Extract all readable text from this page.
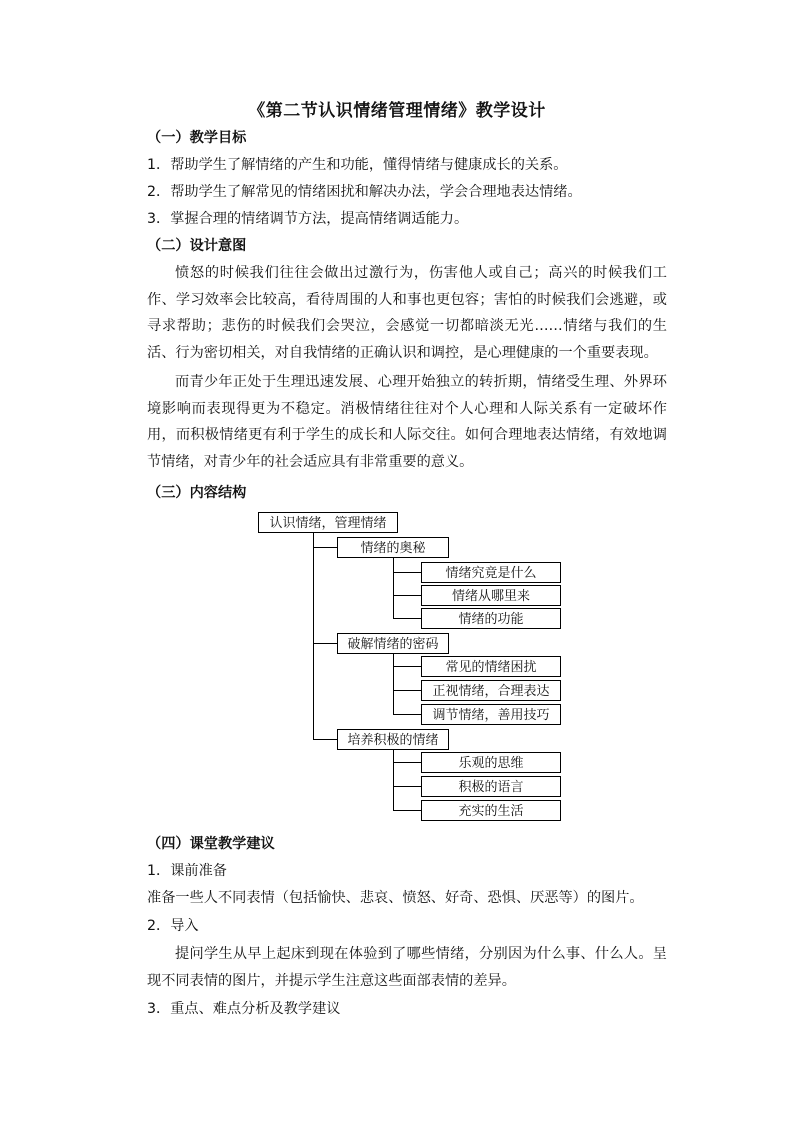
《第二节认识情绪管理情绪》教学设计
（一）教学目标
1．帮助学生了解情绪的产生和功能，懂得情绪与健康成长的关系。
2．帮助学生了解常见的情绪困扰和解决办法，学会合理地表达情绪。
3．掌握合理的情绪调节方法，提高情绪调适能力。
（二）设计意图
愤怒的时候我们往往会做出过激行为，伤害他人或自己；高兴的时候我们工作、学习效率会比较高，看待周围的人和事也更包容；害怕的时候我们会逃避，或寻求帮助；悲伤的时候我们会哭泣，会感觉一切都暗淡无光……情绪与我们的生活、行为密切相关，对自我情绪的正确认识和调控，是心理健康的一个重要表现。
而青少年正处于生理迅速发展、心理开始独立的转折期，情绪受生理、外界环境影响而表现得更为不稳定。消极情绪往往对个人心理和人际关系有一定破坏作用，而积极情绪更有利于学生的成长和人际交往。如何合理地表达情绪，有效地调节情绪，对青少年的社会适应具有非常重要的意义。
（三）内容结构
认识情绪，管理情绪
情绪的奥秘
情绪究竟是什么
情绪从哪里来
情绪的功能
破解情绪的密码
常见的情绪困扰
正视情绪，合理表达
调节情绪，善用技巧
培养积极的情绪
乐观的思维
积极的语言
充实的生活
（四）课堂教学建议
1．课前准备
准备一些人不同表情（包括愉快、悲哀、愤怒、好奇、恐惧、厌恶等）的图片。
2．导入
提问学生从早上起床到现在体验到了哪些情绪，分别因为什么事、什么人。呈现不同表情的图片，并提示学生注意这些面部表情的差异。
3．重点、难点分析及教学建议
